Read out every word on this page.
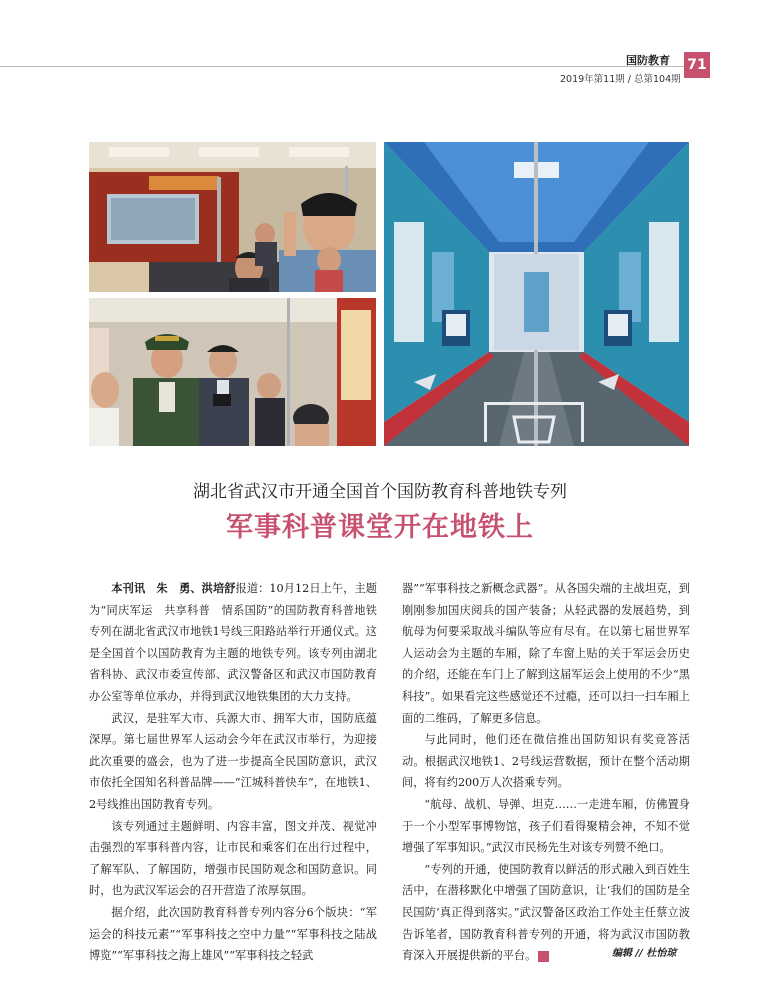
国防教育 71
2019年第11期 / 总第104期
湖北省武汉市开通全国首个国防教育科普地铁专列
军事科普课堂开在地铁上

本刊讯　朱　勇、洪培舒报道：10月12日上午，主题为“同庆军运　共享科普　情系国防”的国防教育科普地铁专列在湖北省武汉市地铁1号线三阳路站举行开通仪式。这是全国首个以国防教育为主题的地铁专列。该专列由湖北省科协、武汉市委宣传部、武汉警备区和武汉市国防教育办公室等单位承办，并得到武汉地铁集团的大力支持。

武汉，是驻军大市、兵源大市、拥军大市，国防底蕴深厚。第七届世界军人运动会今年在武汉市举行，为迎接此次重要的盛会，也为了进一步提高全民国防意识，武汉市依托全国知名科普品牌——“江城科普快车”，在地铁1、2号线推出国防教育专列。

该专列通过主题鲜明、内容丰富，图文并茂、视觉冲击强烈的军事科普内容，让市民和乘客们在出行过程中，了解军队、了解国防，增强市民国防观念和国防意识。同时，也为武汉军运会的召开营造了浓厚氛围。

据介绍，此次国防教育科普专列内容分6个版块：“军运会的科技元素”“军事科技之空中力量”“军事科技之陆战博览”“军事科技之海上雄风”“军事科技之轻武

器”“军事科技之新概念武器”。从各国尖端的主战坦克，到刚刚参加国庆阅兵的国产装备；从轻武器的发展趋势，到航母为何要采取战斗编队等应有尽有。在以第七届世界军人运动会为主题的车厢，除了车窗上贴的关于军运会历史的介绍，还能在车门上了解到这届军运会上使用的不少“黑科技”。如果看完这些感觉还不过瘾，还可以扫一扫车厢上面的二维码，了解更多信息。

与此同时，他们还在微信推出国防知识有奖竞答活动。根据武汉地铁1、2号线运营数据，预计在整个活动期间，将有约200万人次搭乘专列。

“航母、战机、导弹、坦克……一走进车厢，仿佛置身于一个小型军事博物馆，孩子们看得聚精会神，不知不觉增强了军事知识。”武汉市民杨先生对该专列赞不绝口。

“专列的开通，使国防教育以鲜活的形式融入到百姓生活中，在潜移默化中增强了国防意识，让‘我们的国防是全民国防’真正得到落实。”武汉警备区政治工作处主任蔡立波告诉笔者，国防教育科普专列的开通，将为武汉市国防教育深入开展提供新的平台。	G	编辑 // 杜怡琼
